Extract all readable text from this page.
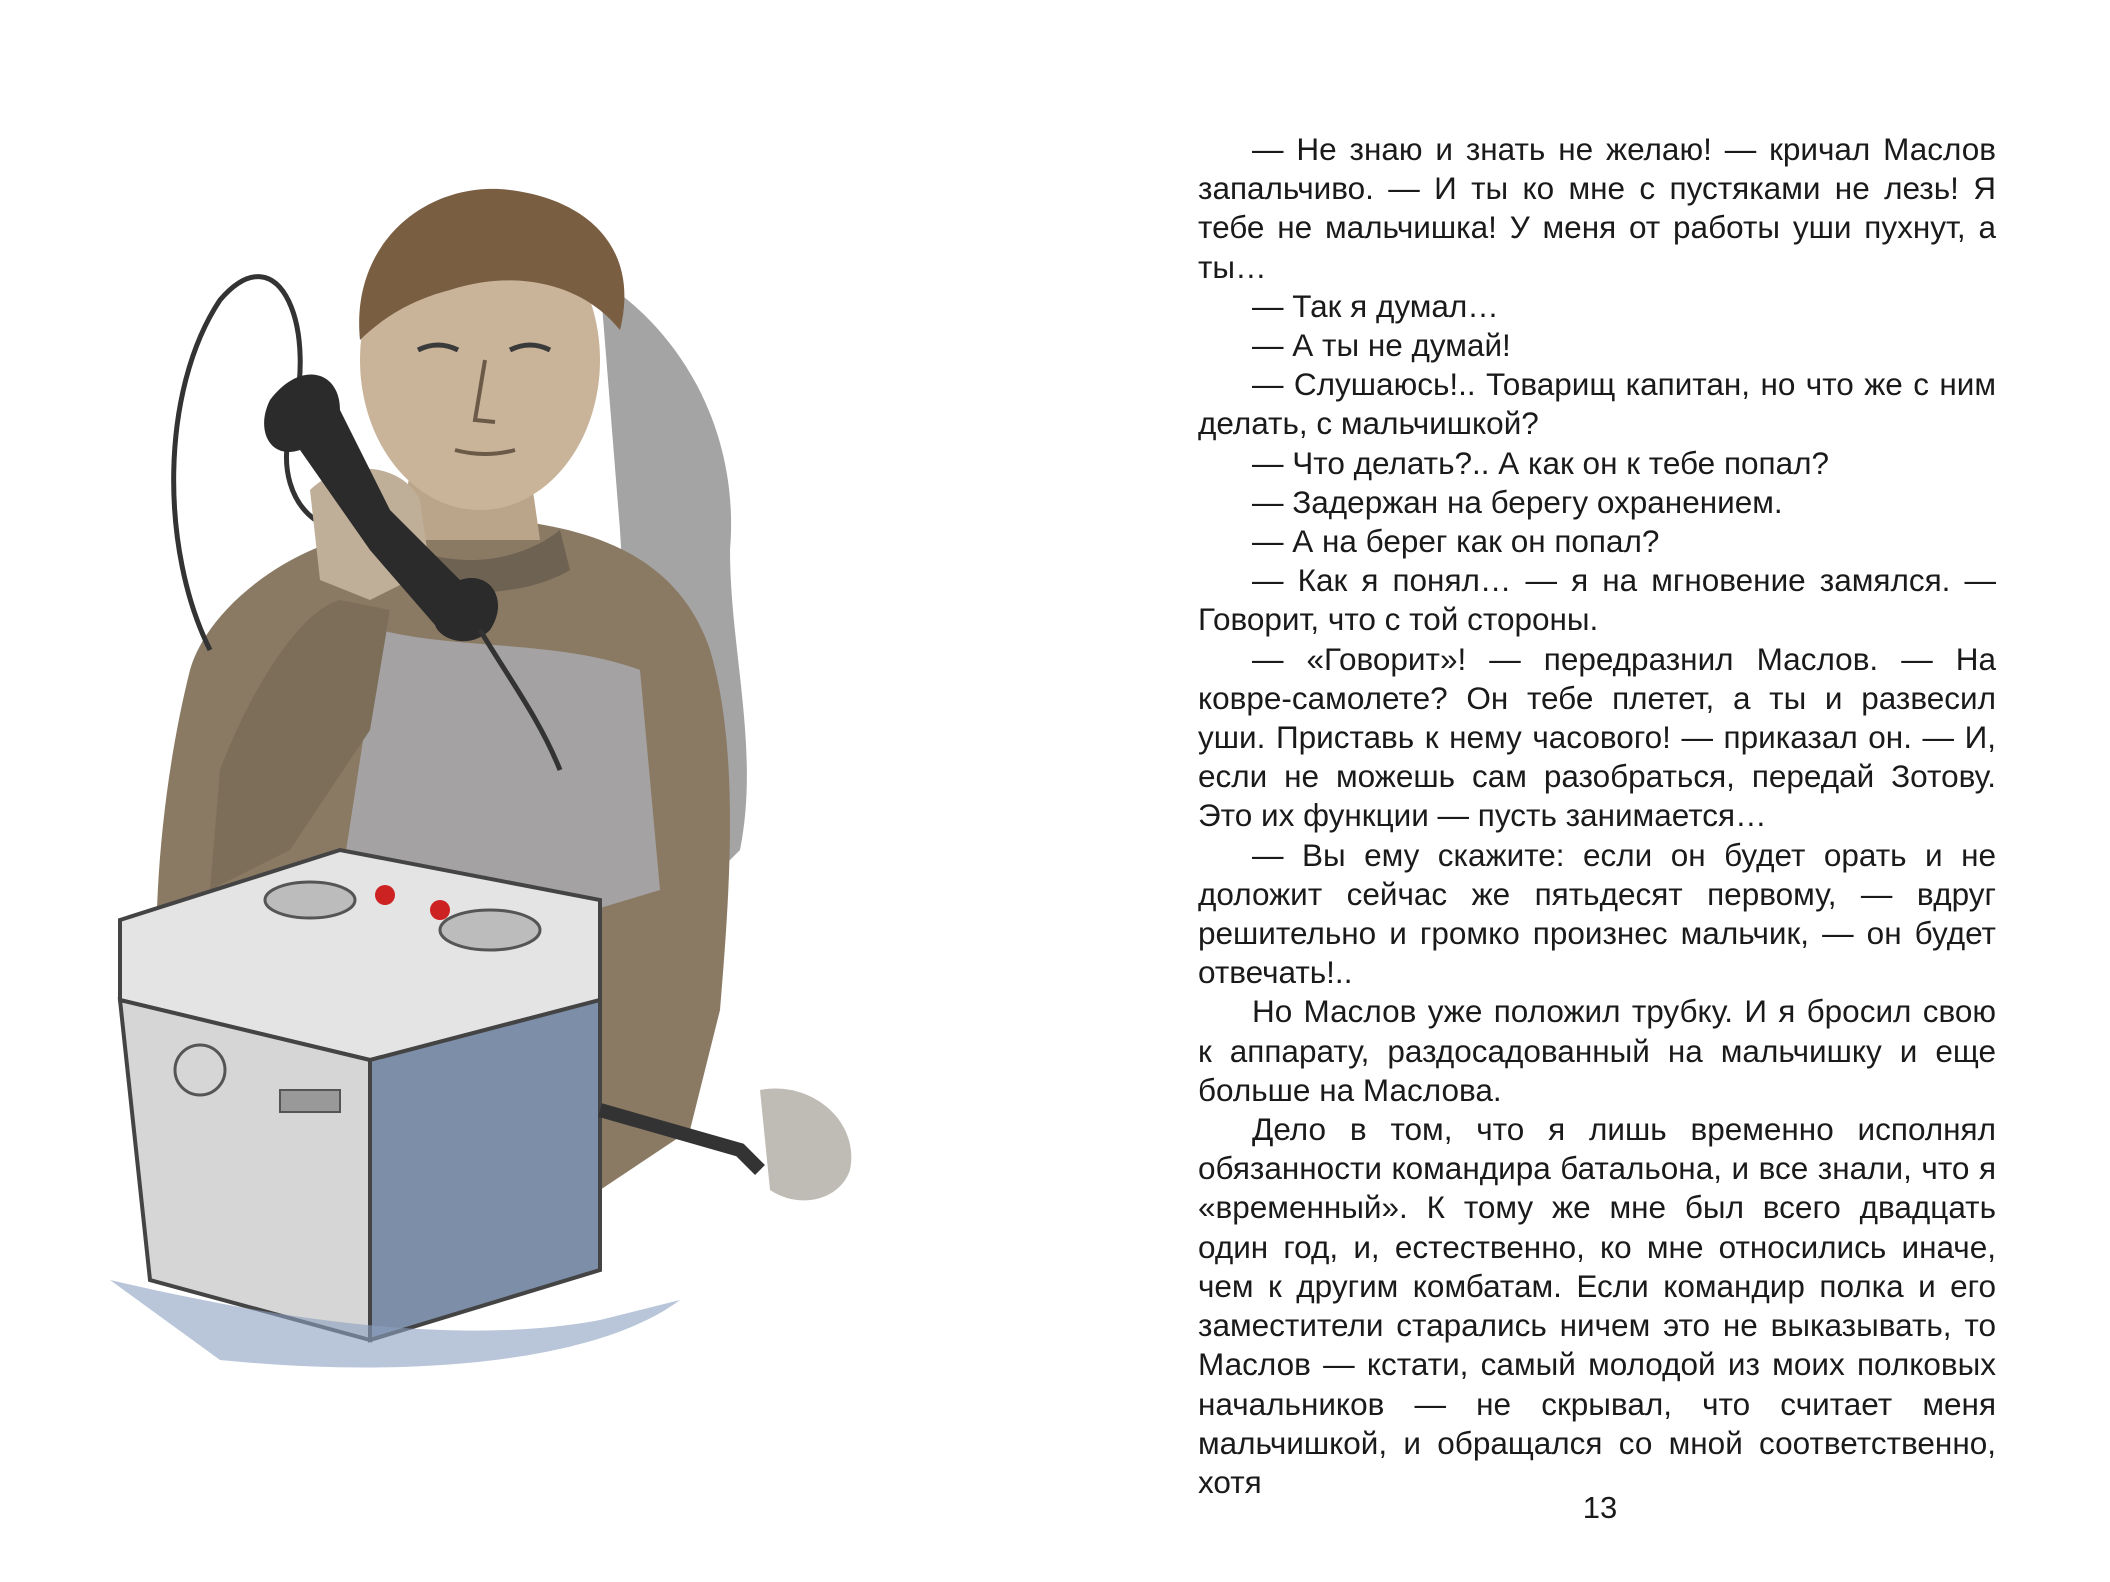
— Не знаю и знать не желаю! — кричал Маслов запальчиво. — И ты ко мне с пустяками не лезь! Я тебе не мальчишка! У меня от работы уши пухнут, а ты…

— Так я думал…

— А ты не думай!

— Слушаюсь!.. Товарищ капитан, но что же с ним делать, с мальчишкой?

— Что делать?.. А как он к тебе попал?

— Задержан на берегу охранением.

— А на берег как он попал?

— Как я понял… — я на мгновение замялся. — Говорит, что с той стороны.

— «Говорит»! — передразнил Маслов. — На ковре-самолете? Он тебе плетет, а ты и развесил уши. Приставь к нему часового! — приказал он. — И, если не можешь сам разобраться, передай Зотову. Это их функции — пусть занимается…

— Вы ему скажите: если он будет орать и не доложит сейчас же пятьдесят первому, — вдруг решительно и громко произнес мальчик, — он будет отвечать!..

Но Маслов уже положил трубку. И я бросил свою к аппарату, раздосадованный на мальчишку и еще больше на Маслова.

Дело в том, что я лишь временно исполнял обязанности командира батальона, и все знали, что я «временный». К тому же мне был всего двадцать один год, и, естественно, ко мне относились иначе, чем к другим комбатам. Если командир полка и его заместители старались ничем это не выказывать, то Маслов — кстати, самый молодой из моих полковых начальников — не скрывал, что считает меня мальчишкой, и обращался со мной соответственно, хотя

13
